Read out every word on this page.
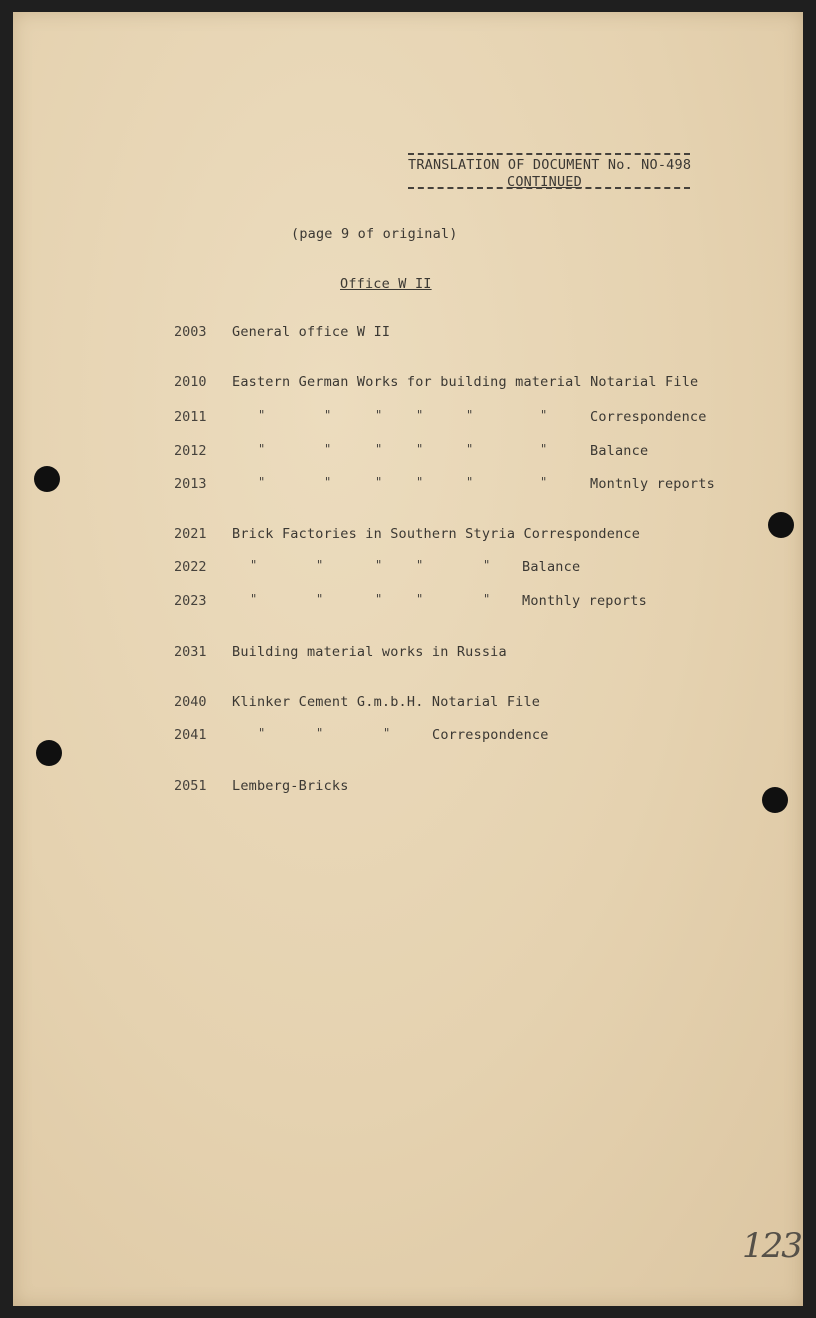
TRANSLATION OF DOCUMENT No. NO-498
CONTINUED
(page 9 of original)
Office W II
2003 General office W II
2010 Eastern German Works for building material Notarial File
2011	"	"	"	"	"	"	Correspondence
2012	"	"	"	"	"	"	Balance
2013	"	"	"	"	"	"	Montnly reports
2021 Brick Factories in Southern Styria Correspondence
2022	"	"	"	"	" Balance
2023	"	"	"	"	" Monthly reports
2031 Building material works in Russia
2040 Klinker Cement G.m.b.H. Notarial File
2041	"	"	"	Correspondence
2051 Lemberg-Bricks
123
